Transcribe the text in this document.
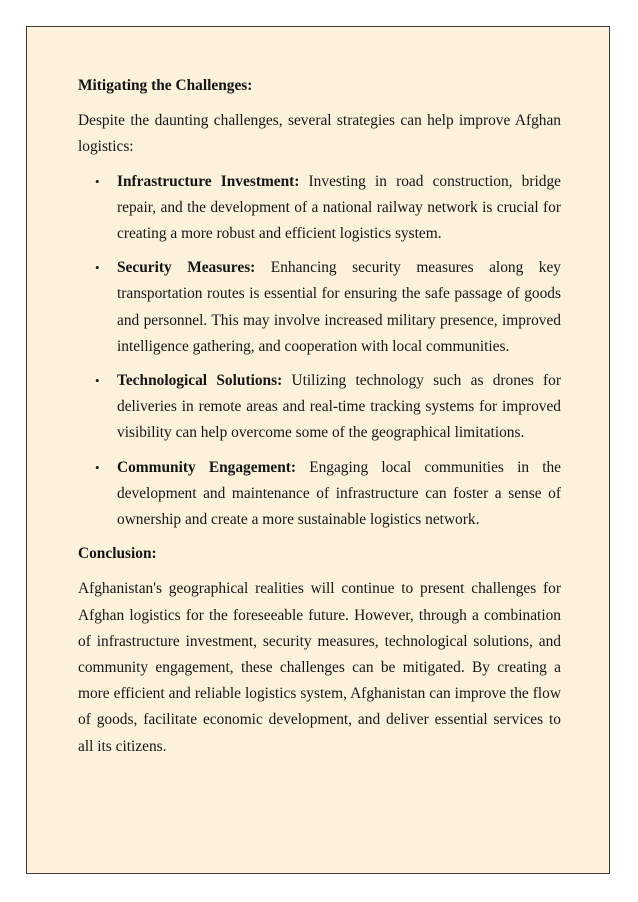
Mitigating the Challenges:

Despite the daunting challenges, several strategies can help improve Afghan logistics:

• Infrastructure Investment: Investing in road construction, bridge repair, and the development of a national railway network is crucial for creating a more robust and efficient logistics system.
• Security Measures: Enhancing security measures along key transportation routes is essential for ensuring the safe passage of goods and personnel. This may involve increased military presence, improved intelligence gathering, and cooperation with local communities.
• Technological Solutions: Utilizing technology such as drones for deliveries in remote areas and real-time tracking systems for improved visibility can help overcome some of the geographical limitations.
• Community Engagement: Engaging local communities in the development and maintenance of infrastructure can foster a sense of ownership and create a more sustainable logistics network.

Conclusion:

Afghanistan's geographical realities will continue to present challenges for Afghan logistics for the foreseeable future. However, through a combination of infrastructure investment, security measures, technological solutions, and community engagement, these challenges can be mitigated. By creating a more efficient and reliable logistics system, Afghanistan can improve the flow of goods, facilitate economic development, and deliver essential services to all its citizens.
